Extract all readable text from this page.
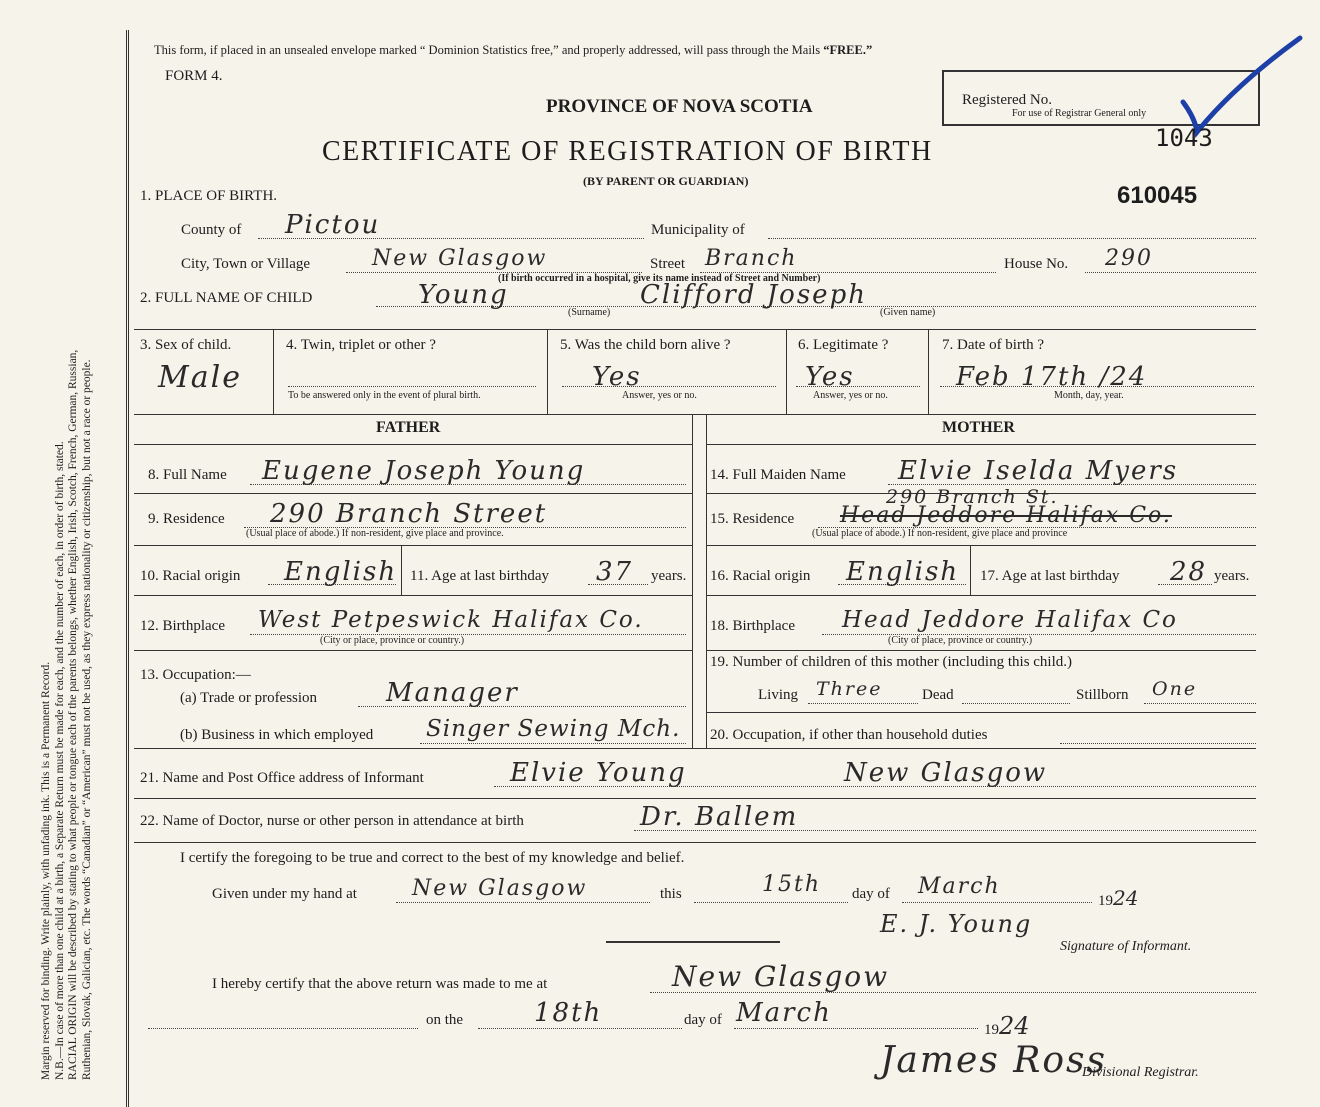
Margin reserved for binding. Write plainly, with unfading ink. This is a Permanent Record. N.B.—In case of more than one child at a birth, a Separate Return must be made for each, and the number of each, in order of birth, stated. RACIAL ORIGIN will be described by stating to what people or tongue each of the parents belongs, whether English, Irish, Scotch, French, German, Russian, Ruthenian, Slovak, Galician, etc. The words “Canadian” or “American” must not be used, as they express nationality or citizenship, but not a race or people.
This form, if placed in an unsealed envelope marked “ Dominion Statistics free,” and properly addressed, will pass through the Mails “FREE.”
FORM 4.
PROVINCE OF NOVA SCOTIA
CERTIFICATE OF REGISTRATION OF BIRTH
(BY PARENT OR GUARDIAN)
Registered No.
For use of Registrar General only
1043
610045
1. PLACE OF BIRTH.
County of Pictou	Municipality of
City, Town or Village	New Glasgow	Street Branch	House No. 290
(If birth occurred in a hospital, give its name instead of Street and Number)
2. FULL NAME OF CHILD	Young
(Surname)
Clifford Joseph
(Given name)
3. Sex of child.
Male
4. Twin, triplet or other ?
To be answered only in the event of plural birth.
5. Was the child born alive ?
Yes
Answer, yes or no.
6. Legitimate ?
Yes
Answer, yes or no.
7. Date of birth ?
Feb 17th /24
Month, day, year.
FATHER	MOTHER
8. Full Name Eugene Joseph Young
9. Residence 290 Branch Street
(Usual place of abode.) If non-resident, give place and province.
10. Racial origin English 11. Age at last birthday 37 years.
12. Birthplace West Petpeswick Halifax Co.
(City or place, province or country.)
13. Occupation:—
(a) Trade or profession	Manager
(b) Business in which employed Singer Sewing Mch.
14. Full Maiden Name Elvie Iselda Myers
290 Branch St.
15. Residence Head Jeddore Halifax Co.
(Usual place of abode.) If non-resident, give place and province
16. Racial origin English 17. Age at last birthday 28 years.
18. Birthplace Head Jeddore Halifax Co
(City of place, province or country.)
19. Number of children of this mother (including this child.)
Living Three	Dead	Stillborn One
20. Occupation, if other than household duties
21. Name and Post Office address of Informant	Elvie Young	New Glasgow
22. Name of Doctor, nurse or other person in attendance at birth	Dr. Ballem
I certify the foregoing to be true and correct to the best of my knowledge and belief.
Given under my hand at	New Glasgow	this	15th day of March
1924
E. J. Young
Signature of Informant.
I hereby certify that the above return was made to me at	New Glasgow
on the	18th	day of March
1924
James Ross
Divisional Registrar.
